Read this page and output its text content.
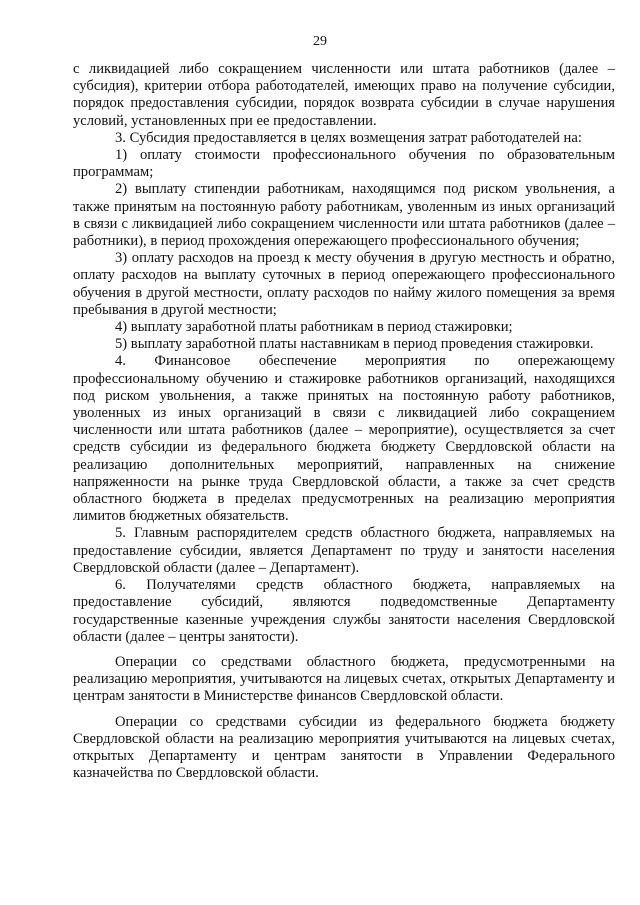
29

с ликвидацией либо сокращением численности или штата работников (далее – субсидия), критерии отбора работодателей, имеющих право на получение субсидии, порядок предоставления субсидии, порядок возврата субсидии в случае нарушения условий, установленных при ее предоставлении.

3. Субсидия предоставляется в целях возмещения затрат работодателей на:

1) оплату стоимости профессионального обучения по образовательным программам;

2) выплату стипендии работникам, находящимся под риском увольнения, а также принятым на постоянную работу работникам, уволенным из иных организаций в связи с ликвидацией либо сокращением численности или штата работников (далее – работники), в период прохождения опережающего профессионального обучения;

3) оплату расходов на проезд к месту обучения в другую местность и обратно, оплату расходов на выплату суточных в период опережающего профессионального обучения в другой местности, оплату расходов по найму жилого помещения за время пребывания в другой местности;

4) выплату заработной платы работникам в период стажировки;

5) выплату заработной платы наставникам в период проведения стажировки.

4. Финансовое обеспечение мероприятия по опережающему профессиональному обучению и стажировке работников организаций, находящихся под риском увольнения, а также принятых на постоянную работу работников, уволенных из иных организаций в связи с ликвидацией либо сокращением численности или штата работников (далее – мероприятие), осуществляется за счет средств субсидии из федерального бюджета бюджету Свердловской области на реализацию дополнительных мероприятий, направленных на снижение напряженности на рынке труда Свердловской области, а также за счет средств областного бюджета в пределах предусмотренных на реализацию мероприятия лимитов бюджетных обязательств.

5. Главным распорядителем средств областного бюджета, направляемых на предоставление субсидии, является Департамент по труду и занятости населения Свердловской области (далее – Департамент).

6. Получателями средств областного бюджета, направляемых на предоставление субсидий, являются подведомственные Департаменту государственные казенные учреждения службы занятости населения Свердловской области (далее – центры занятости).

Операции со средствами областного бюджета, предусмотренными на реализацию мероприятия, учитываются на лицевых счетах, открытых Департаменту и центрам занятости в Министерстве финансов Свердловской области.

Операции со средствами субсидии из федерального бюджета бюджету Свердловской области на реализацию мероприятия учитываются на лицевых счетах, открытых Департаменту и центрам занятости в Управлении Федерального казначейства по Свердловской области.
